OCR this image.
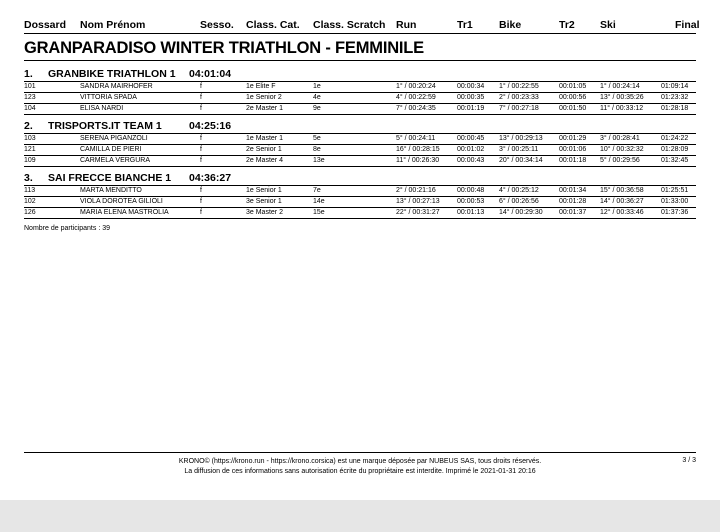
Dossard Nom Prénom	Sesso. Class. Cat. Class. Scratch Run	Tr1 Bike	Tr2 Ski	Final
GRANPARADISO WINTER TRIATHLON - FEMMINILE
1. GRANBIKE TRIATHLON 1 04:01:04
101	SANDRA MAIRHOFER	f	1e Elite F	1e	1° / 00:20:24	00:00:34 1° / 00:22:55	00:01:05 1° / 00:24:14	01:09:14
123	VITTORIA SPADA	f	1e Senior 2	4e	4° / 00:22:59	00:00:35 2° / 00:23:33	00:00:56 13° / 00:35:26 01:23:32
104	ELISA NARDI	f	2e Master 1	9e	7° / 00:24:35	00:01:19 7° / 00:27:18	00:01:50 11° / 00:33:12	01:28:18
2. TRISPORTS.IT TEAM 1	04:25:16
103	SERENA PIGANZOLI	f	1e Master 1	5e	5° / 00:24:11	00:00:45 13° / 00:29:13 00:01:29 3° / 00:28:41	01:24:22
121	CAMILLA DE PIERI	f	2e Senior 1	8e	16° / 00:28:15 00:01:02 3° / 00:25:11	00:01:06 10° / 00:32:32 01:28:09
109	CARMELA VERGURA	f	2e Master 4	13e	11° / 00:26:30	00:00:43 20° / 00:34:14 00:01:18 5° / 00:29:56	01:32:45
3. SAI FRECCE BIANCHE 1 04:36:27
113	MARTA MENDITTO	f	1e Senior 1	7e	2° / 00:21:16	00:00:48 4° / 00:25:12	00:01:34 15° / 00:36:58 01:25:51
102	VIOLA DOROTEA GILIOLI	f	3e Senior 1	14e	13° / 00:27:13 00:00:53 6° / 00:26:56	00:01:28 14° / 00:36:27 01:33:00
126	MARIA ELENA MASTROLIA	f	3e Master 2	15e	22° / 00:31:27 00:01:13 14° / 00:29:30 00:01:37 12° / 00:33:46 01:37:36
Nombre de participants : 39
KRONO© (https://krono.run - https://krono.corsica) est une marque déposée par NUBEUS SAS, tous droits réservés.
La diffusion de ces informations sans autorisation écrite du propriétaire est interdite. Imprimé le 2021-01-31 20:16
3 / 3
